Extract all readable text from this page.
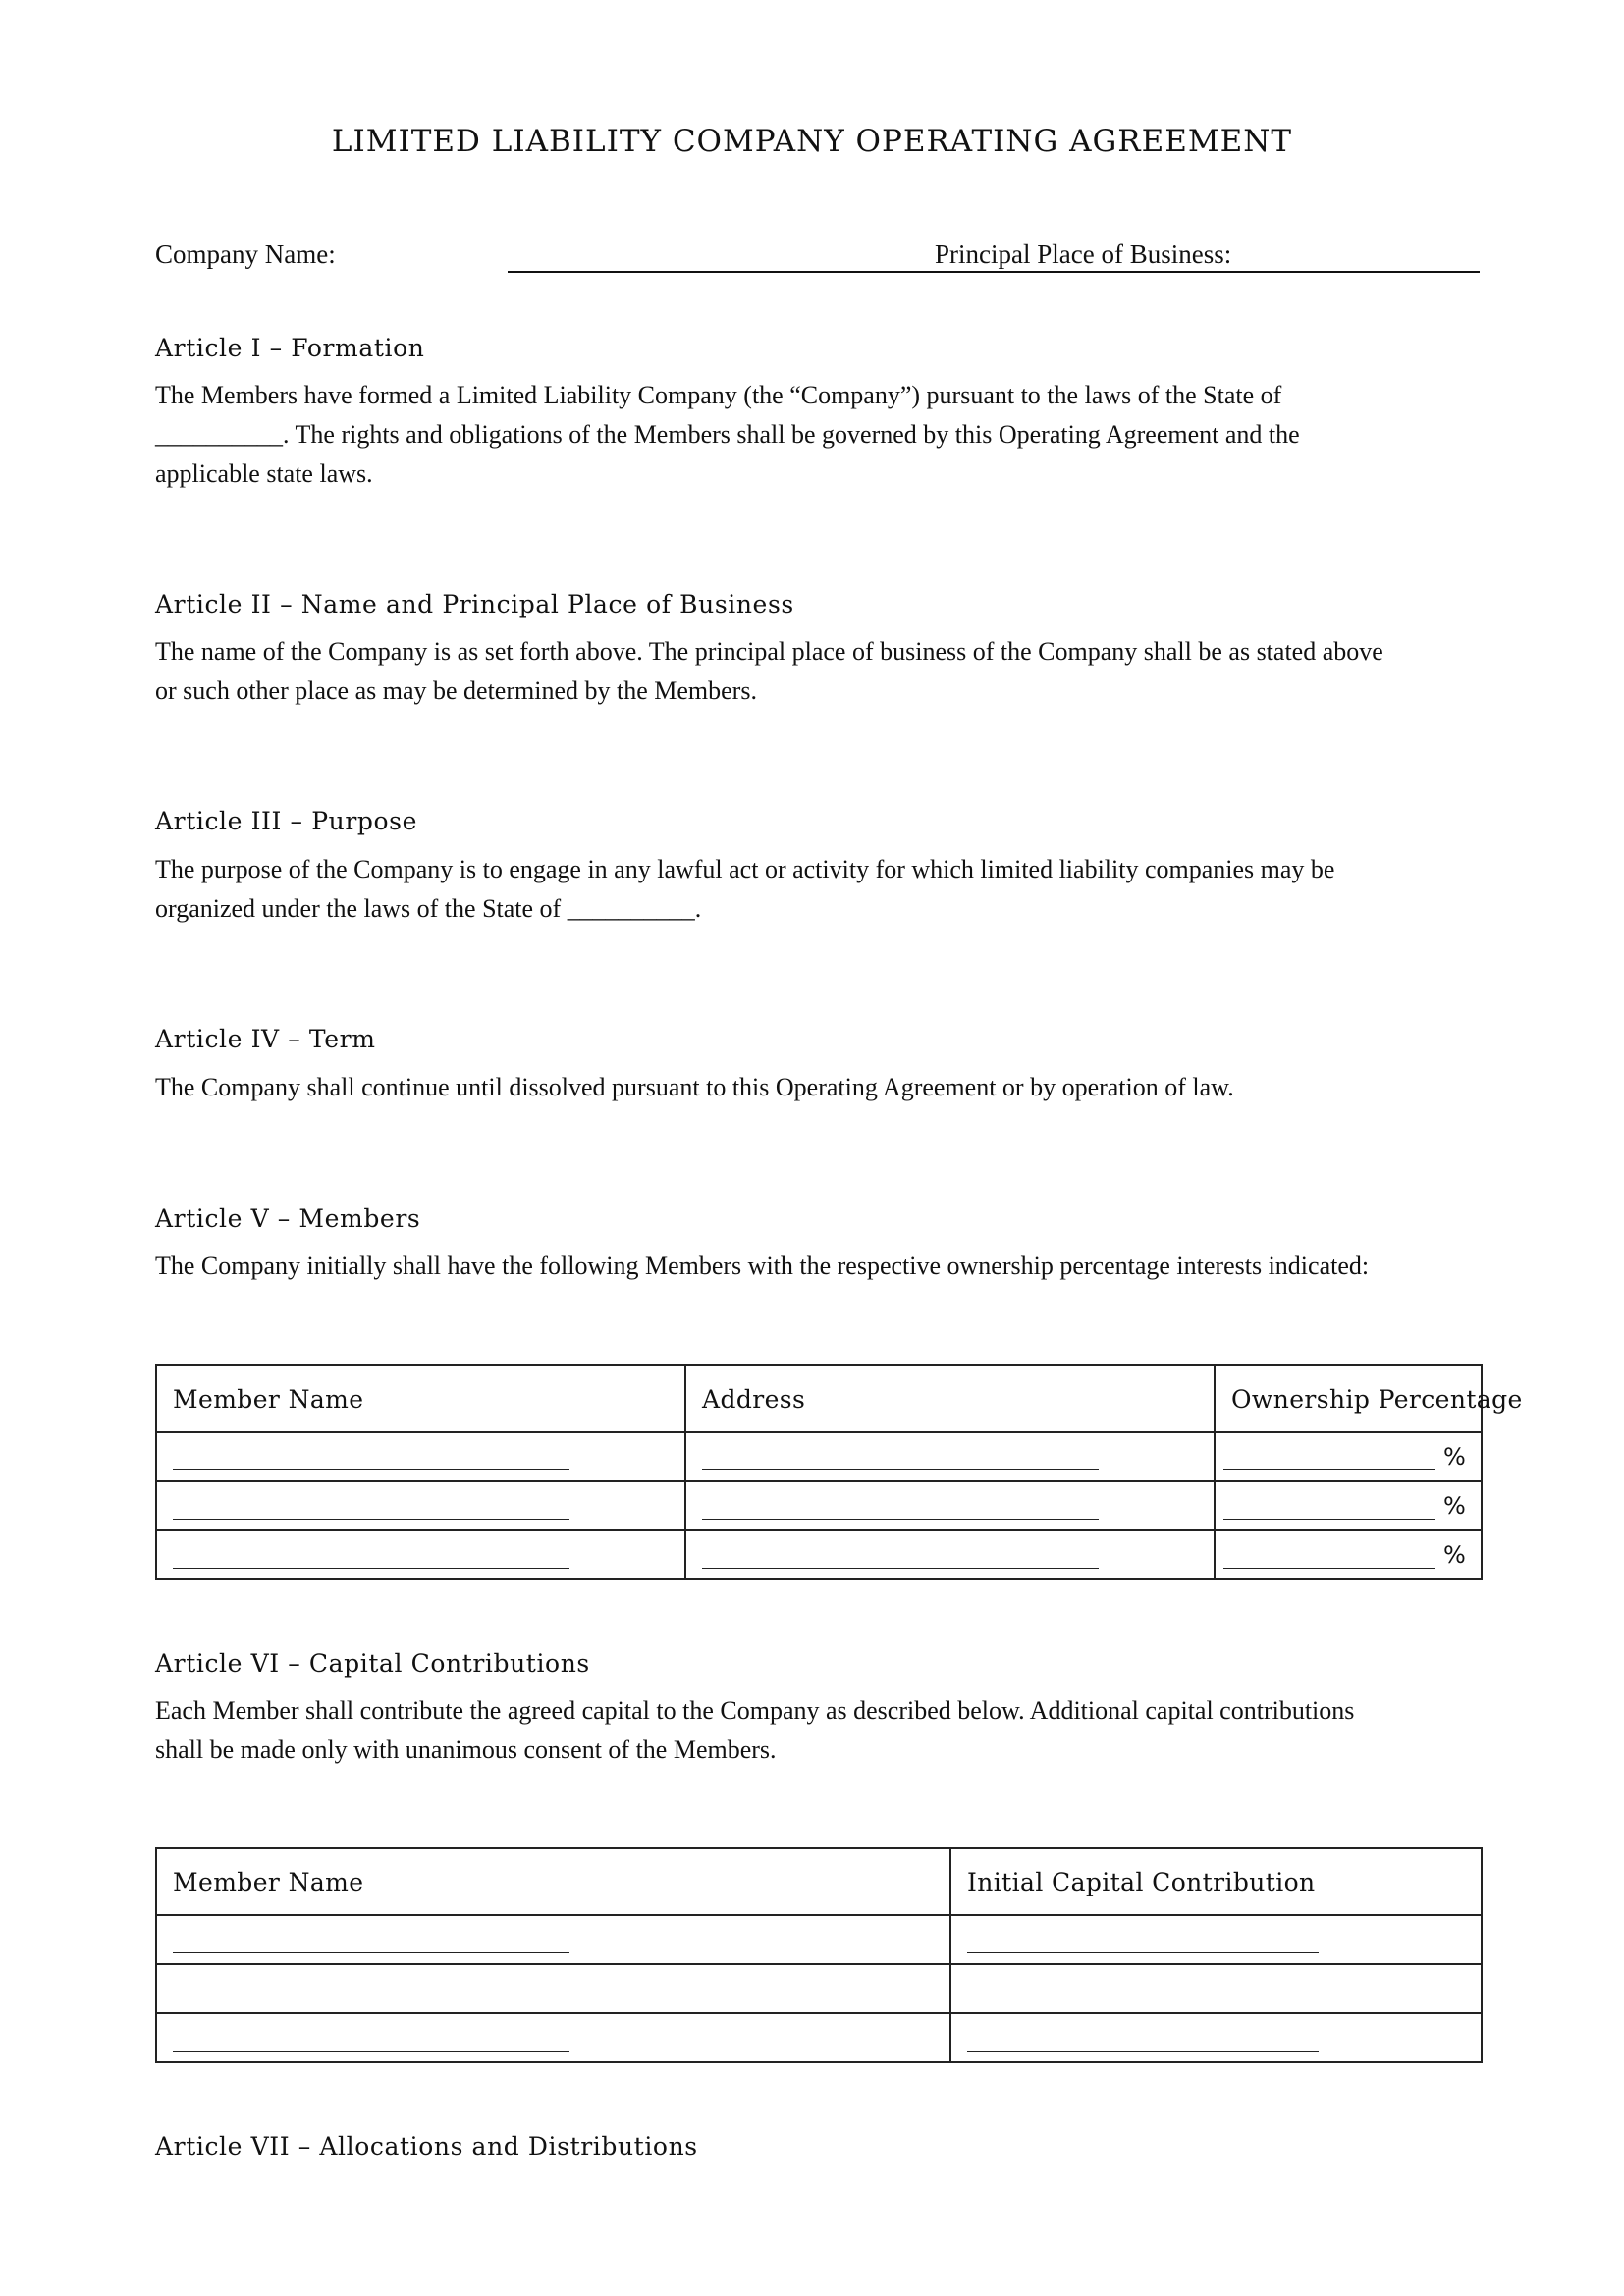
LIMITED LIABILITY COMPANY OPERATING AGREEMENT
Company Name:	Principal Place of Business:
Article I – Formation
The Members have formed a Limited Liability Company (the “Company”) pursuant to the laws of the State of
__________. The rights and obligations of the Members shall be governed by this Operating Agreement and the
applicable state laws.
Article II – Name and Principal Place of Business
The name of the Company is as set forth above. The principal place of business of the Company shall be as stated above
or such other place as may be determined by the Members.
Article III – Purpose
The purpose of the Company is to engage in any lawful act or activity for which limited liability companies may be
organized under the laws of the State of __________.
Article IV – Term
The Company shall continue until dissolved pursuant to this Operating Agreement or by operation of law.
Article V – Members
The Company initially shall have the following Members with the respective ownership percentage interests indicated:
Member Name	Address	Ownership Percentage
		%
		%
		%
Article VI – Capital Contributions
Each Member shall contribute the agreed capital to the Company as described below. Additional capital contributions
shall be made only with unanimous consent of the Members.
Member Name	Initial Capital Contribution

Article VII – Allocations and Distributions
